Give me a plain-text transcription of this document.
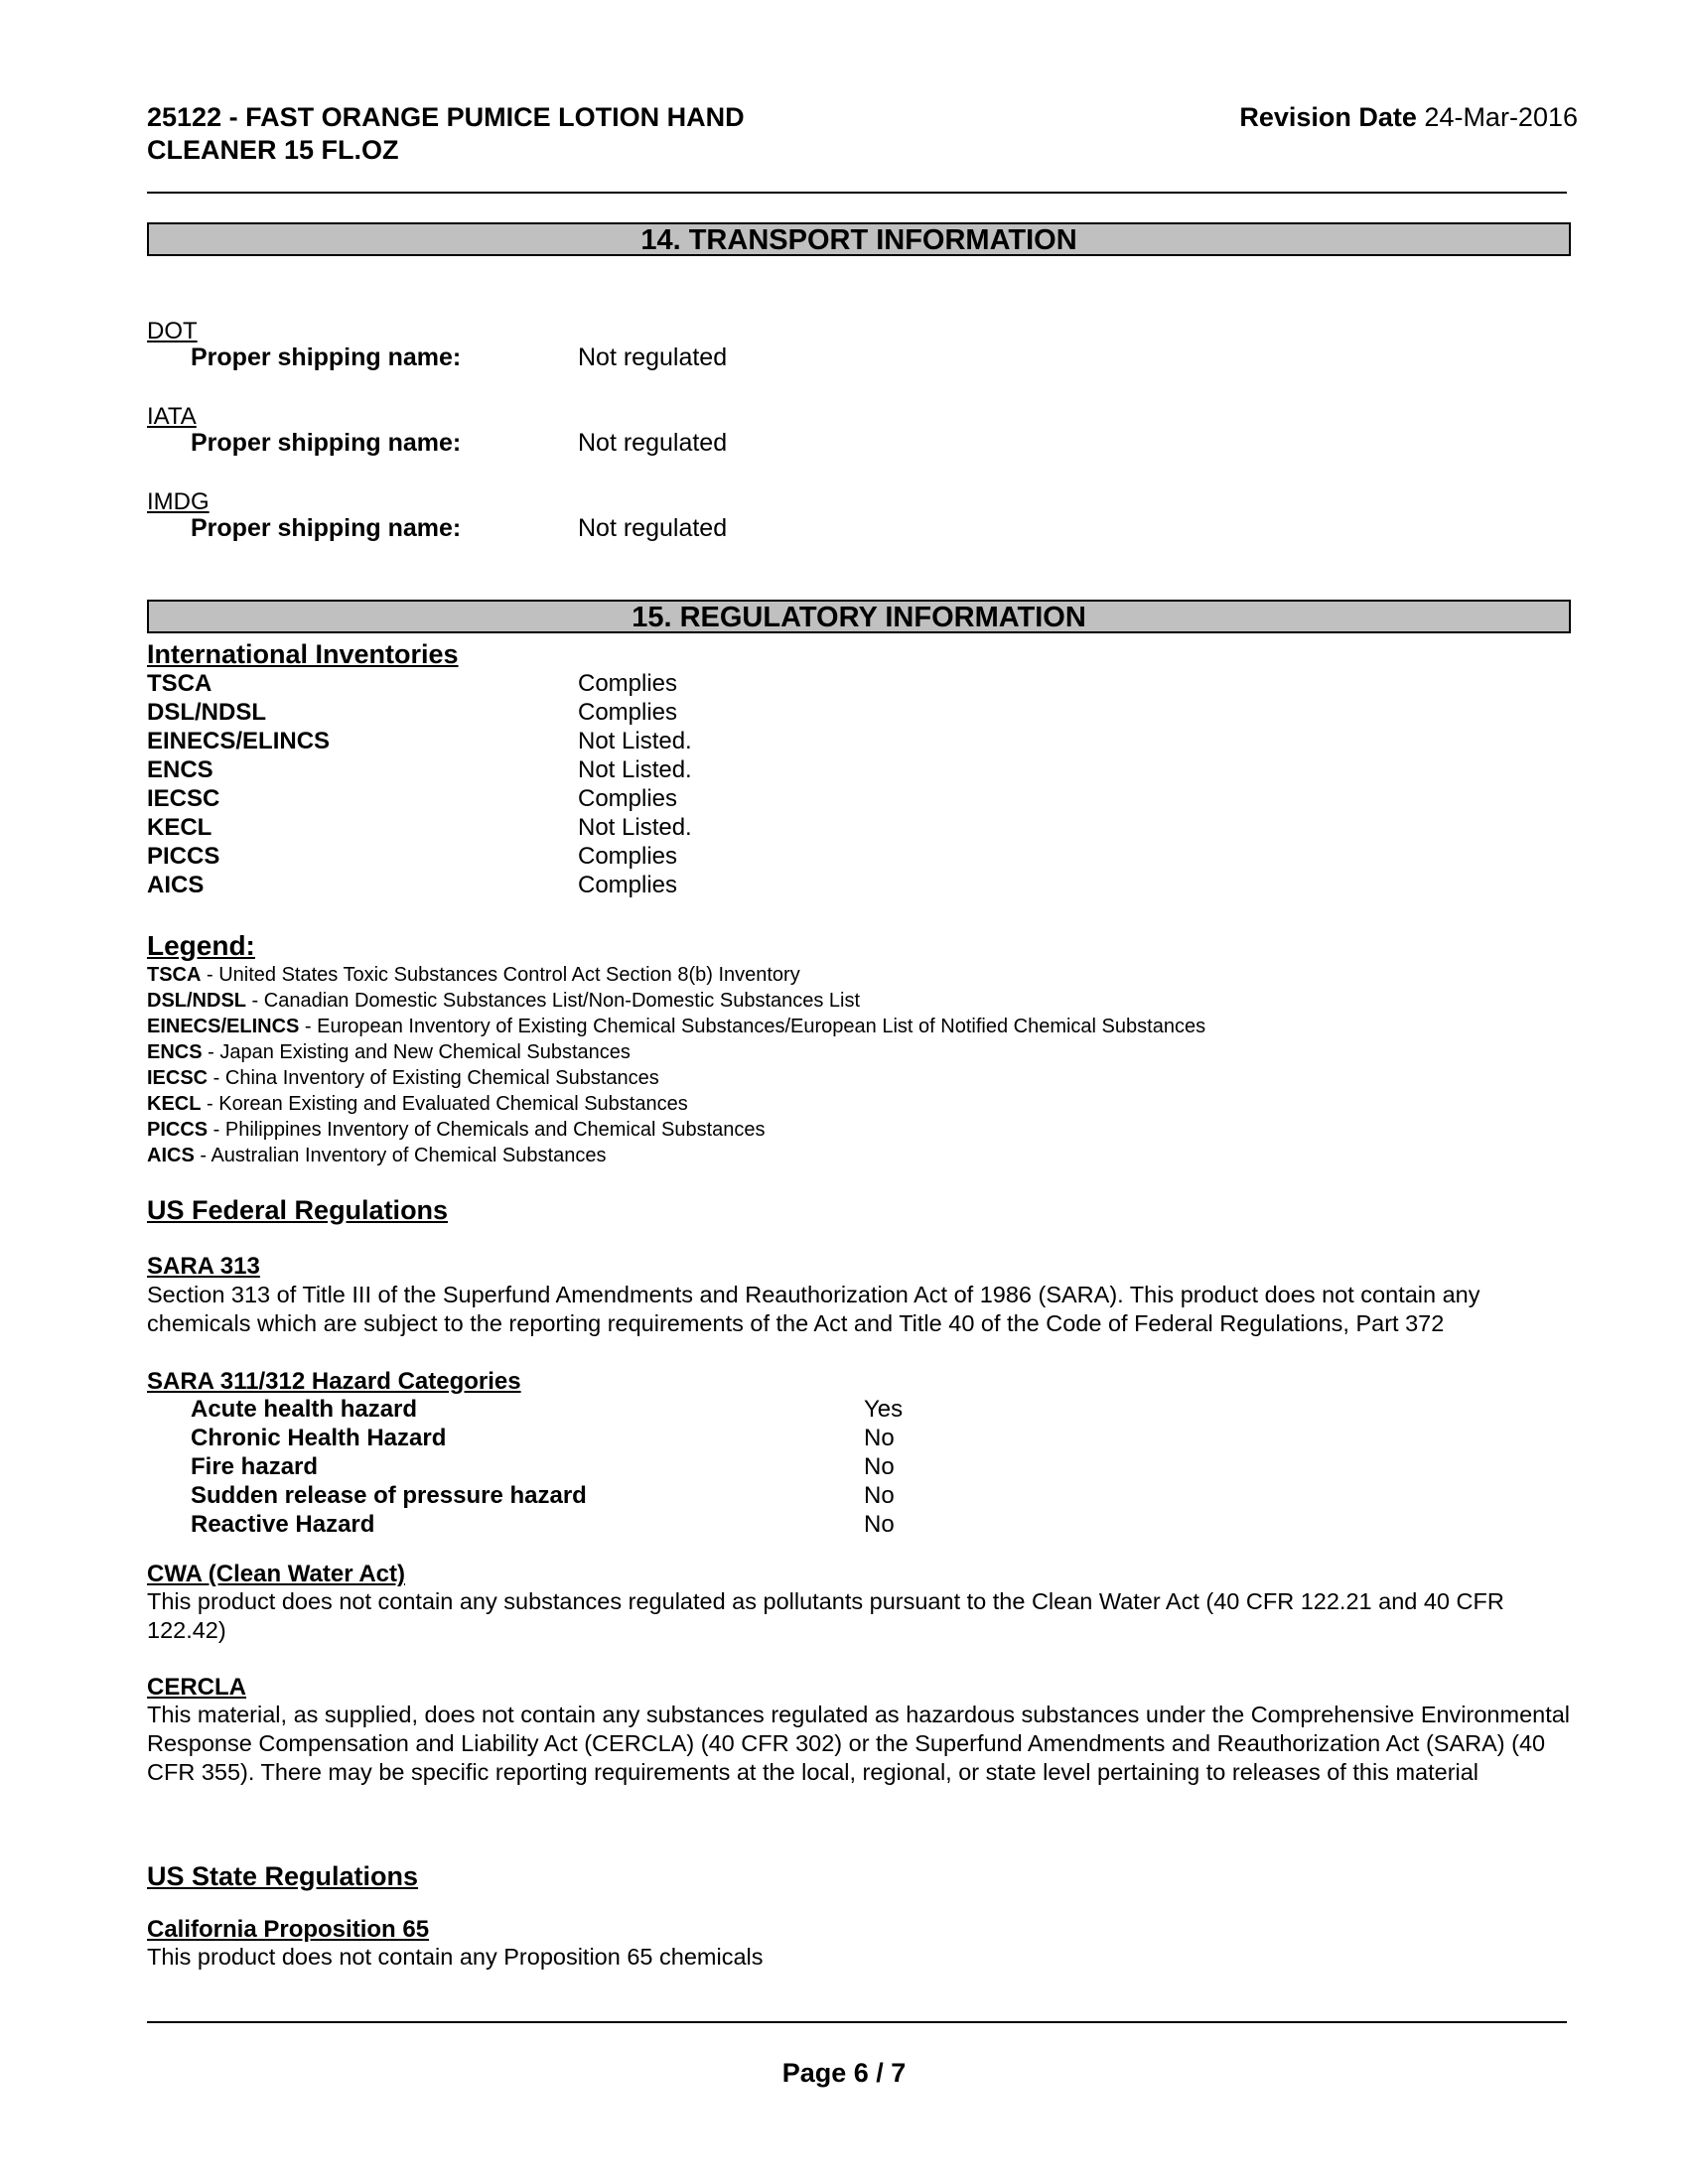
25122 - FAST ORANGE PUMICE LOTION HAND
CLEANER 15 FL.OZ
Revision Date 24-Mar-2016
14. TRANSPORT INFORMATION
DOT
Proper shipping name:	Not regulated
IATA
Proper shipping name:	Not regulated
IMDG
Proper shipping name:	Not regulated
15. REGULATORY INFORMATION
International Inventories
TSCA	Complies
DSL/NDSL	Complies
EINECS/ELINCS	Not Listed.
ENCS	Not Listed.
IECSC	Complies
KECL	Not Listed.
PICCS	Complies
AICS	Complies
Legend:
TSCA - United States Toxic Substances Control Act Section 8(b) Inventory
DSL/NDSL - Canadian Domestic Substances List/Non-Domestic Substances List
EINECS/ELINCS - European Inventory of Existing Chemical Substances/European List of Notified Chemical Substances
ENCS - Japan Existing and New Chemical Substances
IECSC - China Inventory of Existing Chemical Substances
KECL - Korean Existing and Evaluated Chemical Substances
PICCS - Philippines Inventory of Chemicals and Chemical Substances
AICS - Australian Inventory of Chemical Substances
US Federal Regulations
SARA 313
Section 313 of Title III of the Superfund Amendments and Reauthorization Act of 1986 (SARA). This product does not contain any chemicals which are subject to the reporting requirements of the Act and Title 40 of the Code of Federal Regulations, Part 372
SARA 311/312 Hazard Categories
Acute health hazard	Yes
Chronic Health Hazard	No
Fire hazard	No
Sudden release of pressure hazard	No
Reactive Hazard	No
CWA (Clean Water Act)
This product does not contain any substances regulated as pollutants pursuant to the Clean Water Act (40 CFR 122.21 and 40 CFR 122.42)
CERCLA
This material, as supplied, does not contain any substances regulated as hazardous substances under the Comprehensive Environmental Response Compensation and Liability Act (CERCLA) (40 CFR 302) or the Superfund Amendments and Reauthorization Act (SARA) (40 CFR 355). There may be specific reporting requirements at the local, regional, or state level pertaining to releases of this material
US State Regulations
California Proposition 65
This product does not contain any Proposition 65 chemicals
Page 6 / 7
